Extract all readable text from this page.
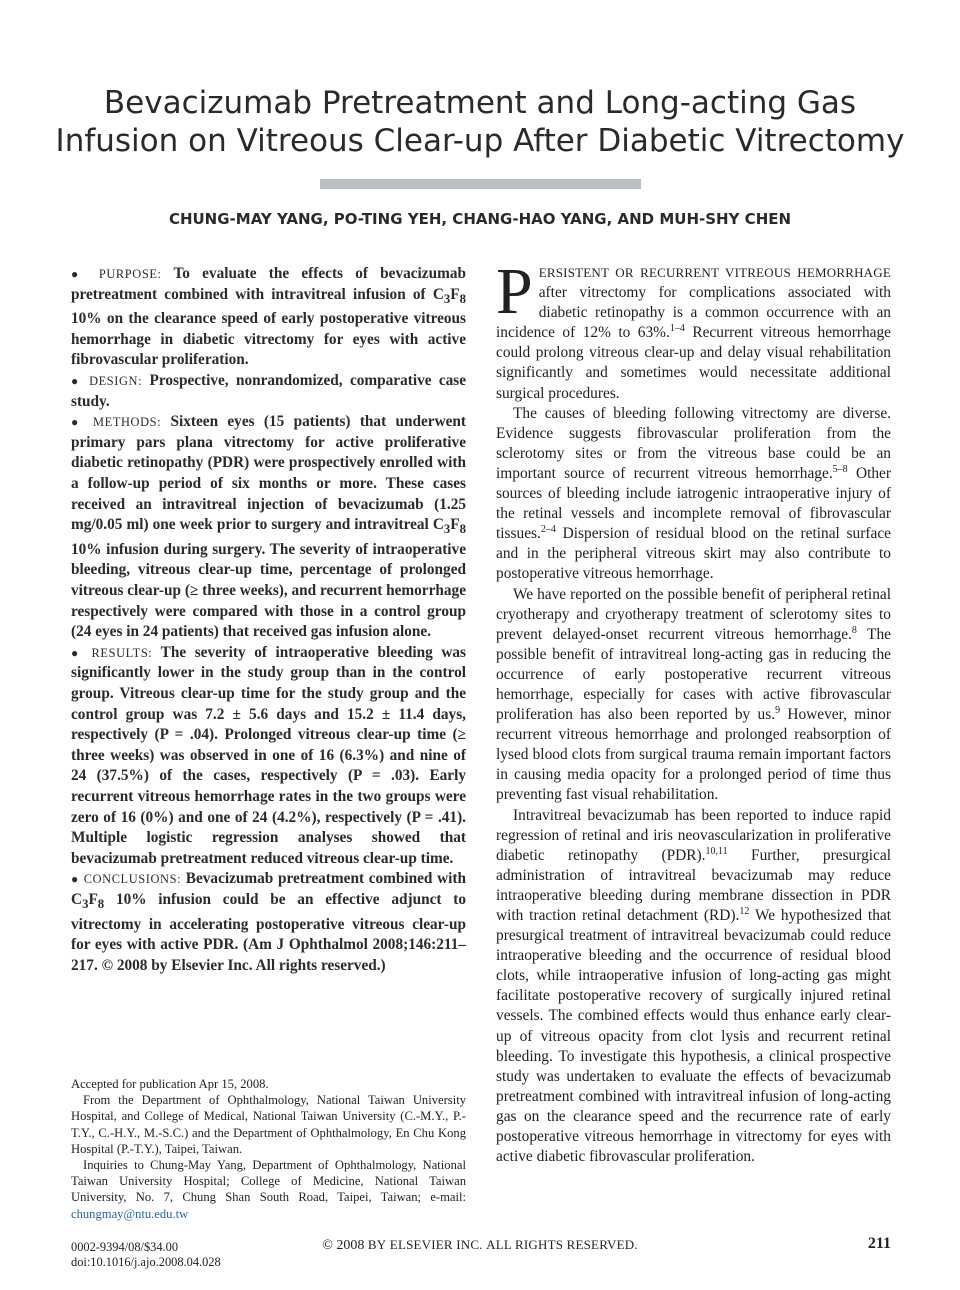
Bevacizumab Pretreatment and Long-acting Gas
Infusion on Vitreous Clear-up After Diabetic Vitrectomy
CHUNG-MAY YANG, PO-TING YEH, CHANG-HAO YANG, AND MUH-SHY CHEN

● PURPOSE: To evaluate the effects of bevacizumab pretreatment combined with intravitreal infusion of $C_3F_8$ 10% on the clearance speed of early postoperative vitreous hemorrhage in diabetic vitrectomy for eyes with active fibrovascular proliferation.

● DESIGN: Prospective, nonrandomized, comparative case study.

● METHODS: Sixteen eyes (15 patients) that underwent primary pars plana vitrectomy for active proliferative diabetic retinopathy (PDR) were prospectively enrolled with a follow-up period of six months or more. These cases received an intravitreal injection of bevacizumab (1.25 mg/0.05 ml) one week prior to surgery and intravitreal $C_3F_8$ 10% infusion during surgery. The severity of intraoperative bleeding, vitreous clear-up time, percentage of prolonged vitreous clear-up (≥ three weeks), and recurrent hemorrhage respectively were compared with those in a control group (24 eyes in 24 patients) that received gas infusion alone.

● RESULTS: The severity of intraoperative bleeding was significantly lower in the study group than in the control group. Vitreous clear-up time for the study group and the control group was 7.2 ± 5.6 days and 15.2 ± 11.4 days, respectively (P = .04). Prolonged vitreous clear-up time (≥ three weeks) was observed in one of 16 (6.3%) and nine of 24 (37.5%) of the cases, respectively (P = .03). Early recurrent vitreous hemorrhage rates in the two groups were zero of 16 (0%) and one of 24 (4.2%), respectively (P = .41). Multiple logistic regression analyses showed that bevacizumab pretreatment reduced vitreous clear-up time.

● CONCLUSIONS: Bevacizumab pretreatment combined with $C_3F_8$ 10% infusion could be an effective adjunct to vitrectomy in accelerating postoperative vitreous clear-up for eyes with active PDR. (Am J Ophthalmol 2008;146:211–217. © 2008 by Elsevier Inc. All rights reserved.)

PERSISTENT OR RECURRENT VITREOUS HEMORRHAGE after vitrectomy for complications associated with diabetic retinopathy is a common occurrence with an incidence of 12% to 63%.$^{1-4}$ Recurrent vitreous hemorrhage could prolong vitreous clear-up and delay visual rehabilitation significantly and sometimes would necessitate additional surgical procedures.

The causes of bleeding following vitrectomy are diverse. Evidence suggests fibrovascular proliferation from the sclerotomy sites or from the vitreous base could be an important source of recurrent vitreous hemorrhage.$^{5-8}$ Other sources of bleeding include iatrogenic intraoperative injury of the retinal vessels and incomplete removal of fibrovascular tissues.$^{2-4}$ Dispersion of residual blood on the retinal surface and in the peripheral vitreous skirt may also contribute to postoperative vitreous hemorrhage.

We have reported on the possible benefit of peripheral retinal cryotherapy and cryotherapy treatment of sclerotomy sites to prevent delayed-onset recurrent vitreous hemorrhage.$^8$ The possible benefit of intravitreal long-acting gas in reducing the occurrence of early postoperative recurrent vitreous hemorrhage, especially for cases with active fibrovascular proliferation has also been reported by us.$^9$ However, minor recurrent vitreous hemorrhage and prolonged reabsorption of lysed blood clots from surgical trauma remain important factors in causing media opacity for a prolonged period of time thus preventing fast visual rehabilitation.

Intravitreal bevacizumab has been reported to induce rapid regression of retinal and iris neovascularization in proliferative diabetic retinopathy (PDR).$^{10,11}$ Further, presurgical administration of intravitreal bevacizumab may reduce intraoperative bleeding during membrane dissection in PDR with traction retinal detachment (RD).$^{12}$ We hypothesized that presurgical treatment of intravitreal bevacizumab could reduce intraoperative bleeding and the occurrence of residual blood clots, while intraoperative infusion of long-acting gas might facilitate postoperative recovery of surgically injured retinal vessels. The combined effects would thus enhance early clear-up of vitreous opacity from clot lysis and recurrent retinal bleeding. To investigate this hypothesis, a clinical prospective study was undertaken to evaluate the effects of bevacizumab pretreatment combined with intravitreal infusion of long-acting gas on the clearance speed and the recurrence rate of early postoperative vitreous hemorrhage in vitrectomy for eyes with active diabetic fibrovascular proliferation.

Accepted for publication Apr 15, 2008.

From the Department of Ophthalmology, National Taiwan University Hospital, and College of Medical, National Taiwan University (C.-M.Y., P.-T.Y., C.-H.Y., M.-S.C.) and the Department of Ophthalmology, En Chu Kong Hospital (P.-T.Y.), Taipei, Taiwan.

Inquiries to Chung-May Yang, Department of Ophthalmology, National Taiwan University Hospital; College of Medicine, National Taiwan University, No. 7, Chung Shan South Road, Taipei, Taiwan; e-mail: chungmay@ntu.edu.tw

0002-9394/08/$34.00
doi:10.1016/j.ajo.2008.04.028
© 2008 BY ELSEVIER INC. ALL RIGHTS RESERVED.	211
